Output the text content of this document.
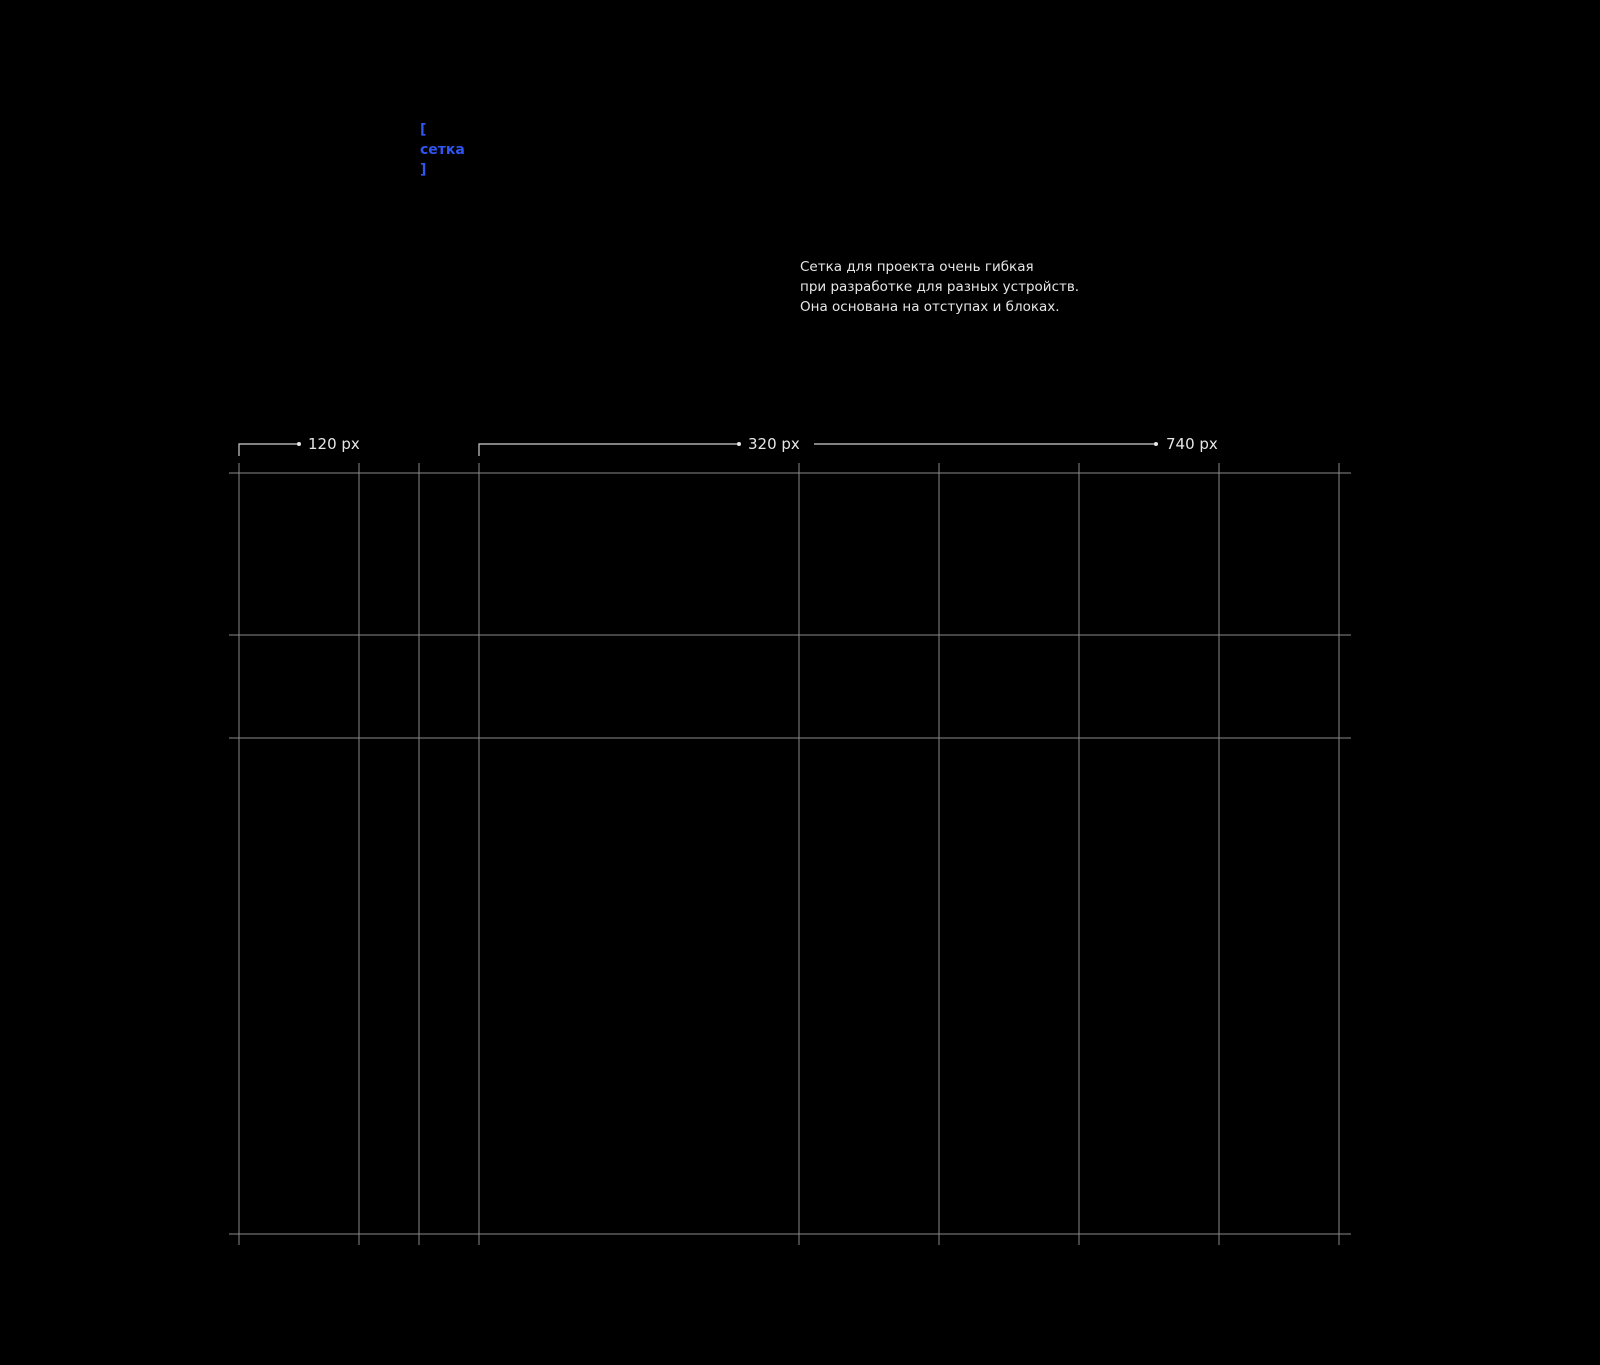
[
сетка
]
Сетка для проекта очень гибкая
при разработке для разных устройств.
Она основана на отступах и блоках.
120 px	320 px	740 px
